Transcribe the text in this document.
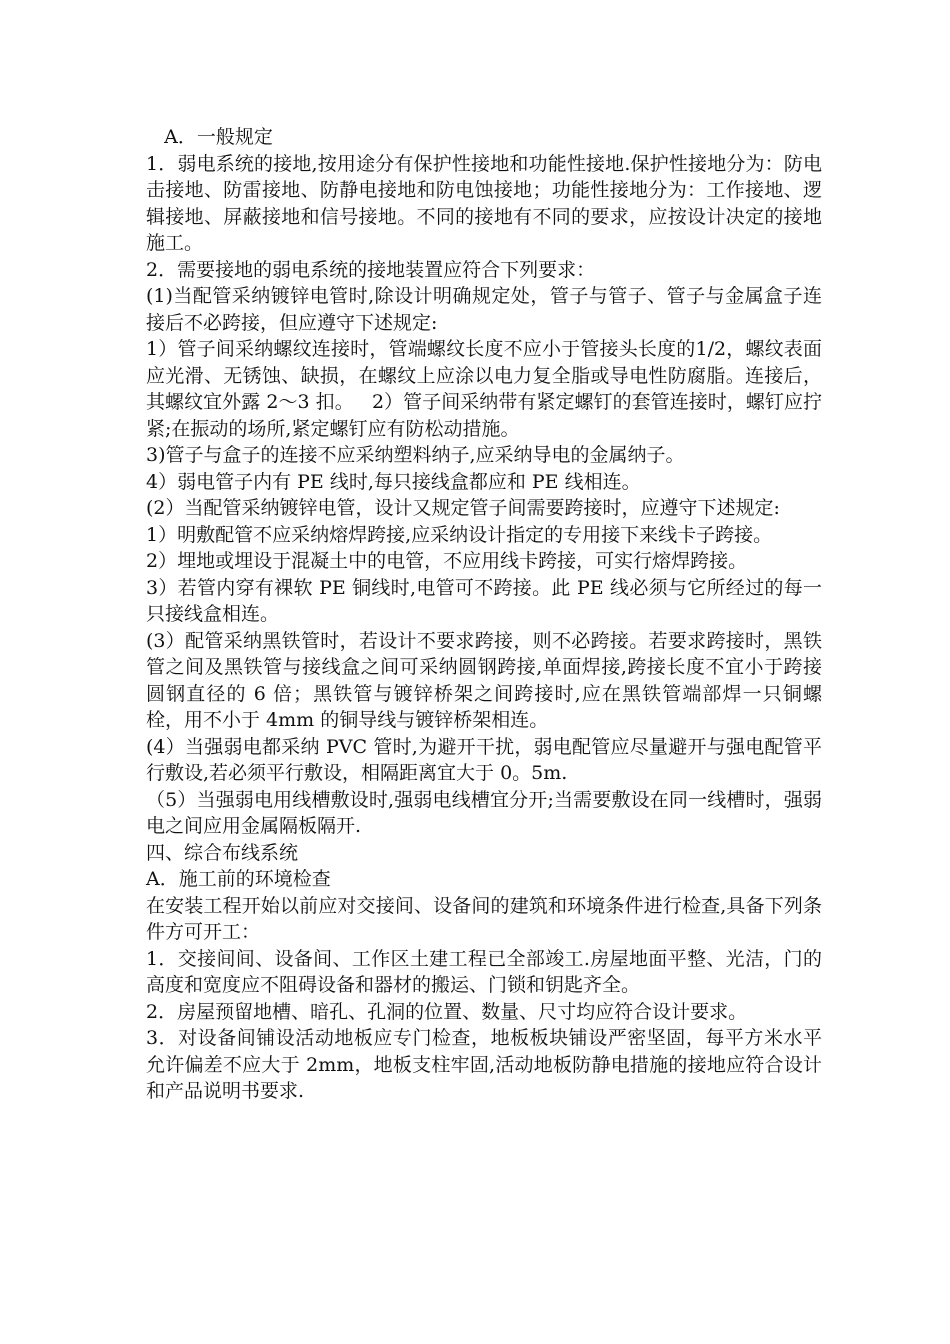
A．一般规定

1．弱电系统的接地,按用途分有保护性接地和功能性接地.保护性接地分为：防电击接地、防雷接地、防静电接地和防电蚀接地；功能性接地分为：工作接地、逻辑接地、屏蔽接地和信号接地。不同的接地有不同的要求，应按设计决定的接地施工。

2．需要接地的弱电系统的接地装置应符合下列要求：

(1)当配管采纳镀锌电管时,除设计明确规定处，管子与管子、管子与金属盒子连接后不必跨接，但应遵守下述规定:

1）管子间采纳螺纹连接时，管端螺纹长度不应小于管接头长度的1/2，螺纹表面应光滑、无锈蚀、缺损，在螺纹上应涂以电力复全脂或导电性防腐脂。连接后，其螺纹宜外露 2～3 扣。   2）管子间采纳带有紧定螺钉的套管连接时，螺钉应拧紧;在振动的场所,紧定螺钉应有防松动措施。

3)管子与盒子的连接不应采纳塑料纳子,应采纳导电的金属纳子。

4）弱电管子内有 PE 线时,每只接线盒都应和 PE 线相连。

(2）当配管采纳镀锌电管，设计又规定管子间需要跨接时，应遵守下述规定:

1）明敷配管不应采纳熔焊跨接,应采纳设计指定的专用接下来线卡子跨接。

2）埋地或埋设于混凝土中的电管，不应用线卡跨接，可实行熔焊跨接。

3）若管内穿有裸软 PE 铜线时,电管可不跨接。此 PE 线必须与它所经过的每一只接线盒相连。

(3）配管采纳黑铁管时，若设计不要求跨接，则不必跨接。若要求跨接时，黑铁管之间及黑铁管与接线盒之间可采纳圆钢跨接,单面焊接,跨接长度不宜小于跨接圆钢直径的 6 倍；黑铁管与镀锌桥架之间跨接时,应在黑铁管端部焊一只铜螺栓，用不小于 4mm 的铜导线与镀锌桥架相连。

(4）当强弱电都采纳 PVC 管时,为避开干扰，弱电配管应尽量避开与强电配管平行敷设,若必须平行敷设，相隔距离宜大于 0。5m.

（5）当强弱电用线槽敷设时,强弱电线槽宜分开;当需要敷设在同一线槽时，强弱电之间应用金属隔板隔开.

四、综合布线系统

A．施工前的环境检查

在安装工程开始以前应对交接间、设备间的建筑和环境条件进行检查,具备下列条件方可开工：

1．交接间间、设备间、工作区土建工程已全部竣工.房屋地面平整、光洁，门的高度和宽度应不阻碍设备和器材的搬运、门锁和钥匙齐全。

2．房屋预留地槽、暗孔、孔洞的位置、数量、尺寸均应符合设计要求。

3．对设备间铺设活动地板应专门检查，地板板块铺设严密坚固，每平方米水平允许偏差不应大于 2mm，地板支柱牢固,活动地板防静电措施的接地应符合设计和产品说明书要求.
